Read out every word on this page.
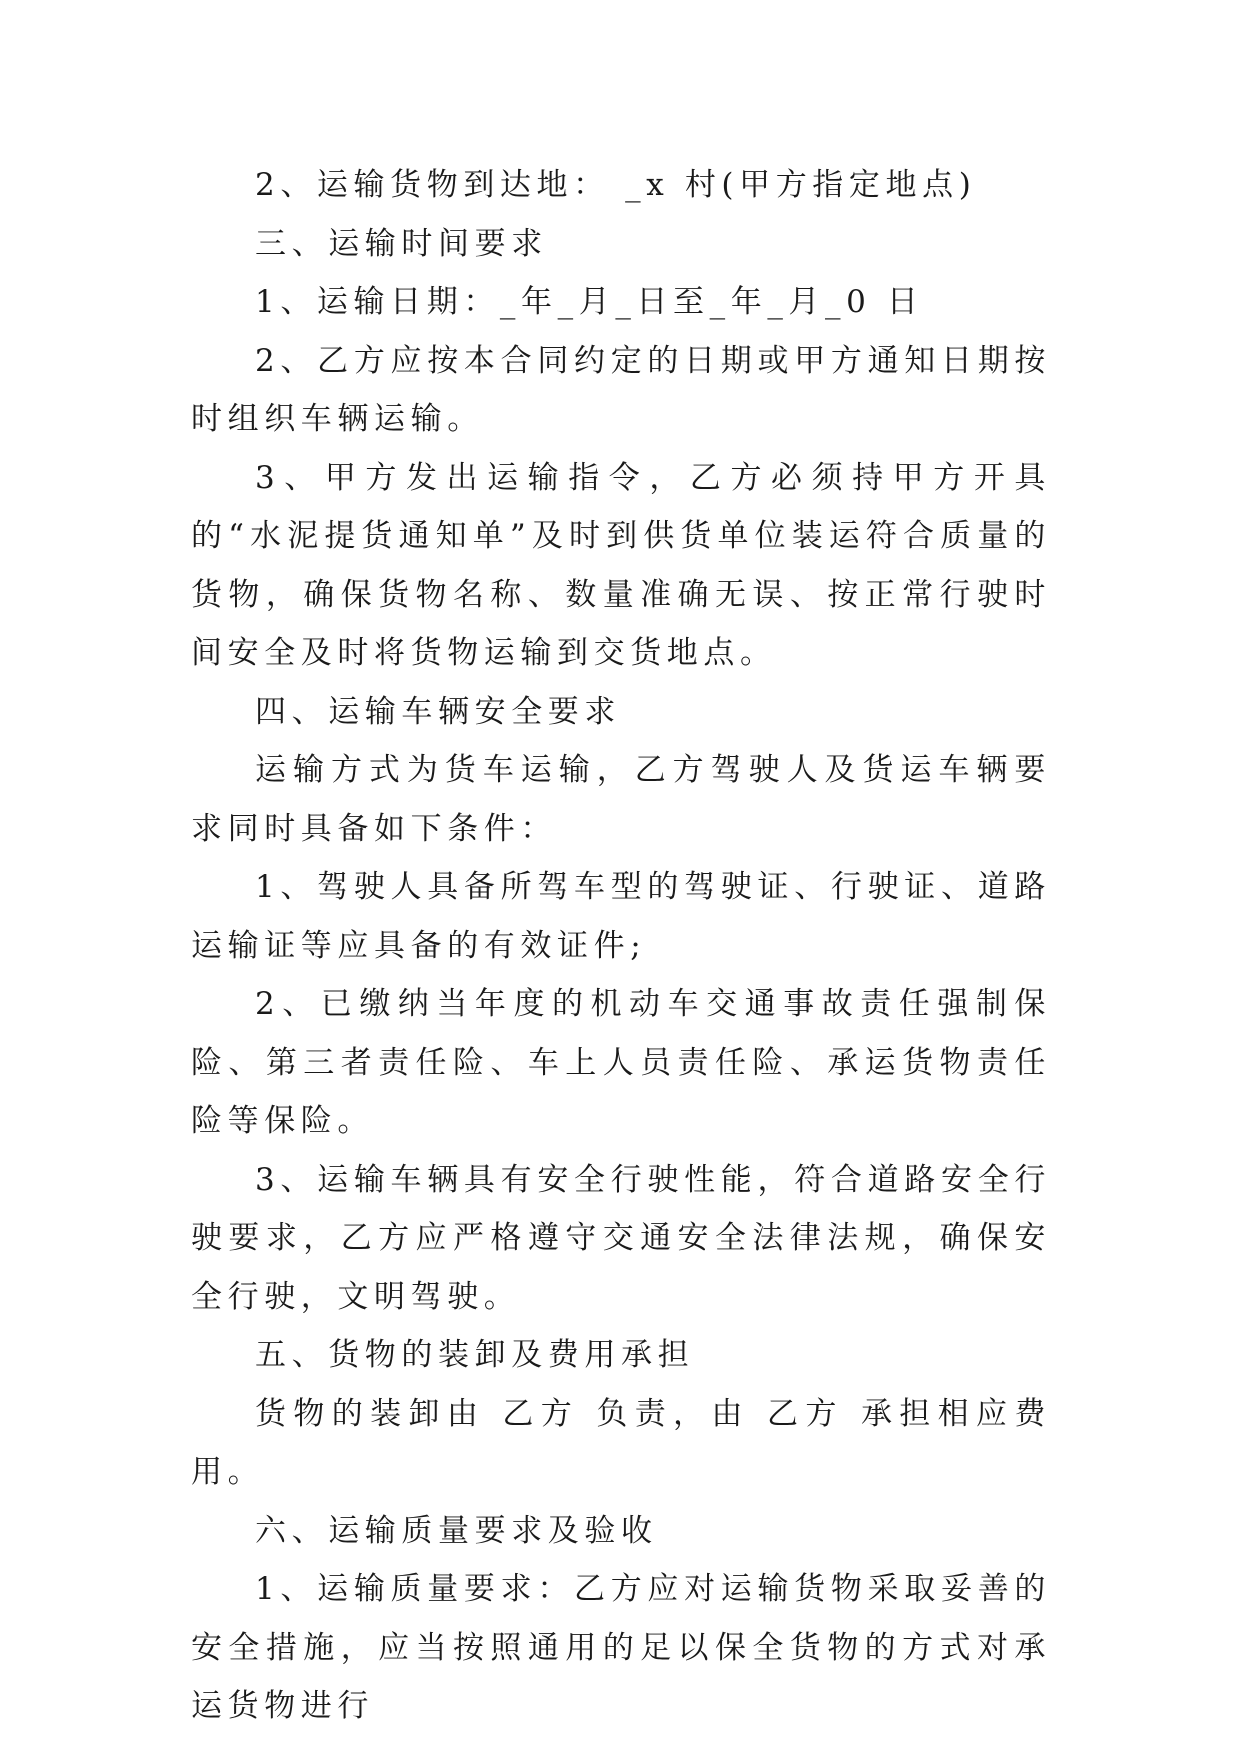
2、运输货物到达地： _x 村(甲方指定地点)

三、运输时间要求

1、运输日期：_年_月_日至_年_月_0 日

2、乙方应按本合同约定的日期或甲方通知日期按时组织车辆运输。

3、甲方发出运输指令，乙方必须持甲方开具的“水泥提货通知单”及时到供货单位装运符合质量的货物，确保货物名称、数量准确无误、按正常行驶时间安全及时将货物运输到交货地点。

四、运输车辆安全要求

运输方式为货车运输，乙方驾驶人及货运车辆要求同时具备如下条件：

1、驾驶人具备所驾车型的驾驶证、行驶证、道路运输证等应具备的有效证件;

2、已缴纳当年度的机动车交通事故责任强制保险、第三者责任险、车上人员责任险、承运货物责任险等保险。

3、运输车辆具有安全行驶性能，符合道路安全行驶要求，乙方应严格遵守交通安全法律法规，确保安全行驶，文明驾驶。

五、货物的装卸及费用承担

货物的装卸由 乙方 负责，由 乙方 承担相应费用。

六、运输质量要求及验收

1、运输质量要求：乙方应对运输货物采取妥善的安全措施，应当按照通用的足以保全货物的方式对承运货物进行
